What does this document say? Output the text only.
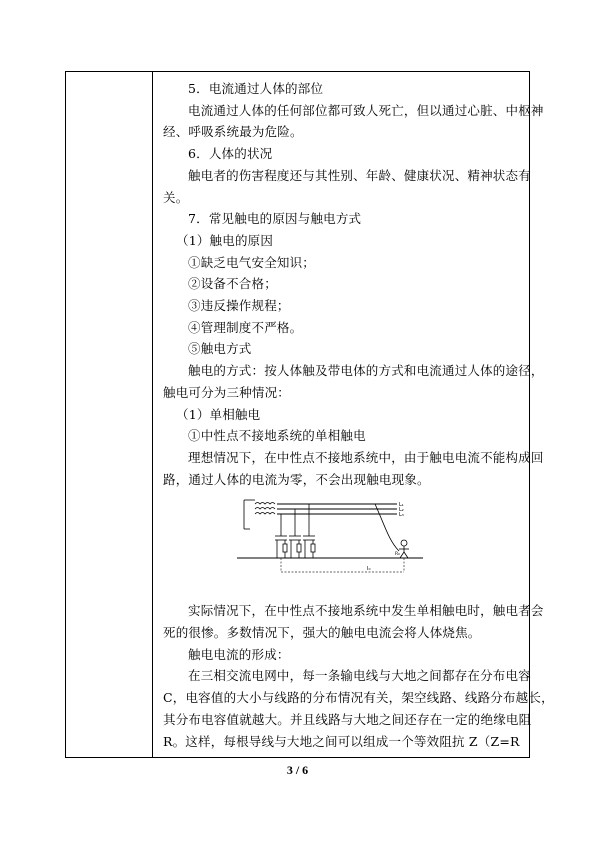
5．电流通过人体的部位
电流通过人体的任何部位都可致人死亡，但以通过心脏、中枢神
经、呼吸系统最为危险。
6．人体的状况
触电者的伤害程度还与其性别、年龄、健康状况、精神状态有
关。
7．常见触电的原因与触电方式
（1）触电的原因
①缺乏电气安全知识；
②设备不合格；
③违反操作规程；
④管理制度不严格。
⑤触电方式
触电的方式：按人体触及带电体的方式和电流通过人体的途径，
触电可分为三种情况：
（1）单相触电
①中性点不接地系统的单相触电
理想情况下，在中性点不接地系统中，由于触电电流不能构成回
路，通过人体的电流为零，不会出现触电现象。
L₁
L₂
L₃
R₀
I₀
实际情况下，在中性点不接地系统中发生单相触电时，触电者会
死的很惨。多数情况下，强大的触电电流会将人体烧焦。
触电电流的形成：
在三相交流电网中，每一条输电线与大地之间都存在分布电容
C，电容值的大小与线路的分布情况有关，架空线路、线路分布越长，
其分布电容值就越大。并且线路与大地之间还存在一定的绝缘电阻
R。这样，每根导线与大地之间可以组成一个等效阻抗 Z（Z=R
3 / 6
